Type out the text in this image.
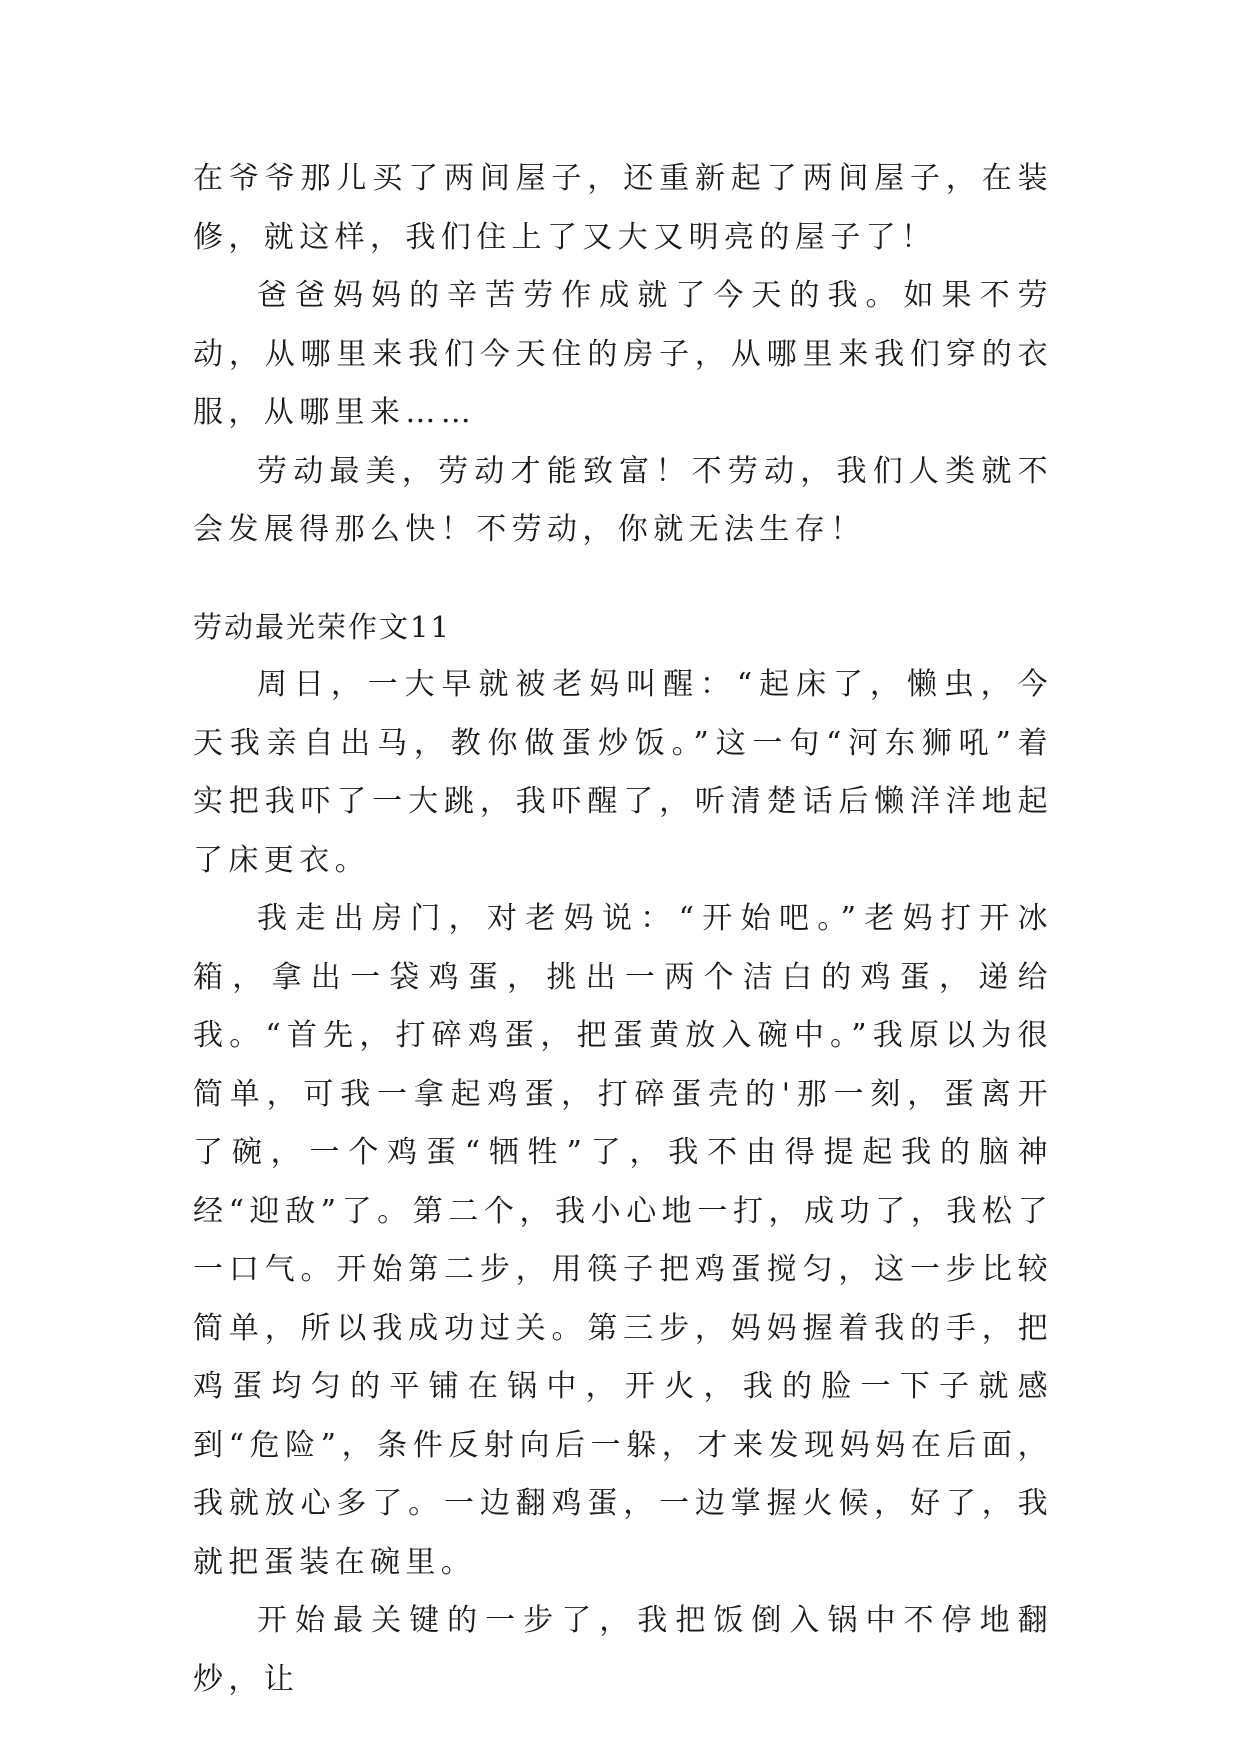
在爷爷那儿买了两间屋子，还重新起了两间屋子，在装修，就这样，我们住上了又大又明亮的屋子了！

爸爸妈妈的辛苦劳作成就了今天的我。如果不劳动，从哪里来我们今天住的房子，从哪里来我们穿的衣服，从哪里来……

劳动最美，劳动才能致富！不劳动，我们人类就不会发展得那么快！不劳动，你就无法生存！

劳动最光荣作文11

周日，一大早就被老妈叫醒：“起床了，懒虫，今天我亲自出马，教你做蛋炒饭。”这一句“河东狮吼”着实把我吓了一大跳，我吓醒了，听清楚话后懒洋洋地起了床更衣。

我走出房门，对老妈说：“开始吧。”老妈打开冰箱，拿出一袋鸡蛋，挑出一两个洁白的鸡蛋，递给我。“首先，打碎鸡蛋，把蛋黄放入碗中。”我原以为很简单，可我一拿起鸡蛋，打碎蛋壳的'那一刻，蛋离开了碗，一个鸡蛋“牺牲”了，我不由得提起我的脑神经“迎敌”了。第二个，我小心地一打，成功了，我松了一口气。开始第二步，用筷子把鸡蛋搅匀，这一步比较简单，所以我成功过关。第三步，妈妈握着我的手，把鸡蛋均匀的平铺在锅中，开火，我的脸一下子就感到“危险”，条件反射向后一躲，才来发现妈妈在后面，我就放心多了。一边翻鸡蛋，一边掌握火候，好了，我就把蛋装在碗里。

开始最关键的一步了，我把饭倒入锅中不停地翻炒，让
